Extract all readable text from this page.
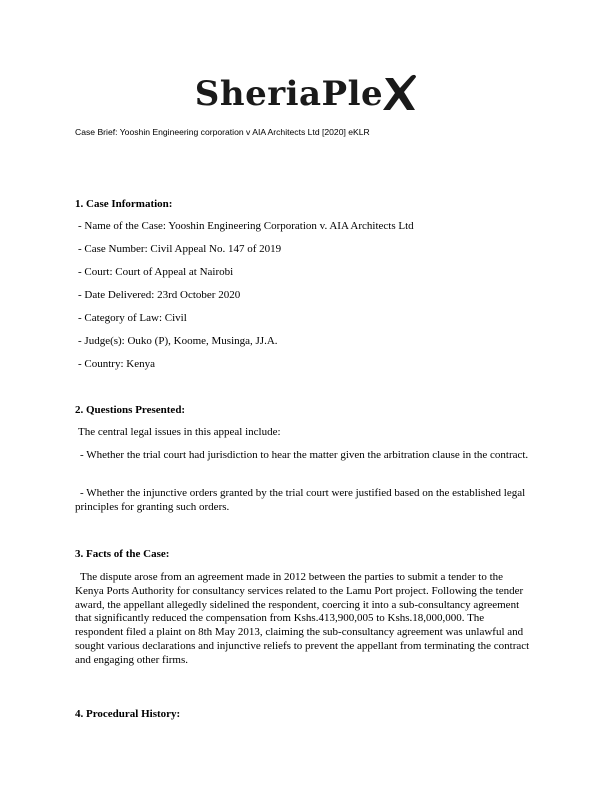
SheriaPle
Case Brief: Yooshin Engineering corporation v AIA Architects Ltd [2020] eKLR
1. Case Information:
- Name of the Case: Yooshin Engineering Corporation v. AIA Architects Ltd
- Case Number: Civil Appeal No. 147 of 2019
- Court: Court of Appeal at Nairobi
- Date Delivered: 23rd October 2020
- Category of Law: Civil
- Judge(s): Ouko (P), Koome, Musinga, JJ.A.
- Country: Kenya
2. Questions Presented:
The central legal issues in this appeal include:
- Whether the trial court had jurisdiction to hear the matter given the arbitration clause in the contract.
- Whether the injunctive orders granted by the trial court were justified based on the established legal principles for granting such orders.
3. Facts of the Case:
The dispute arose from an agreement made in 2012 between the parties to submit a tender to the Kenya Ports Authority for consultancy services related to the Lamu Port project. Following the tender award, the appellant allegedly sidelined the respondent, coercing it into a sub-consultancy agreement that significantly reduced the compensation from Kshs.413,900,005 to Kshs.18,000,000. The respondent filed a plaint on 8th May 2013, claiming the sub-consultancy agreement was unlawful and sought various declarations and injunctive reliefs to prevent the appellant from terminating the contract and engaging other firms.
4. Procedural History:
